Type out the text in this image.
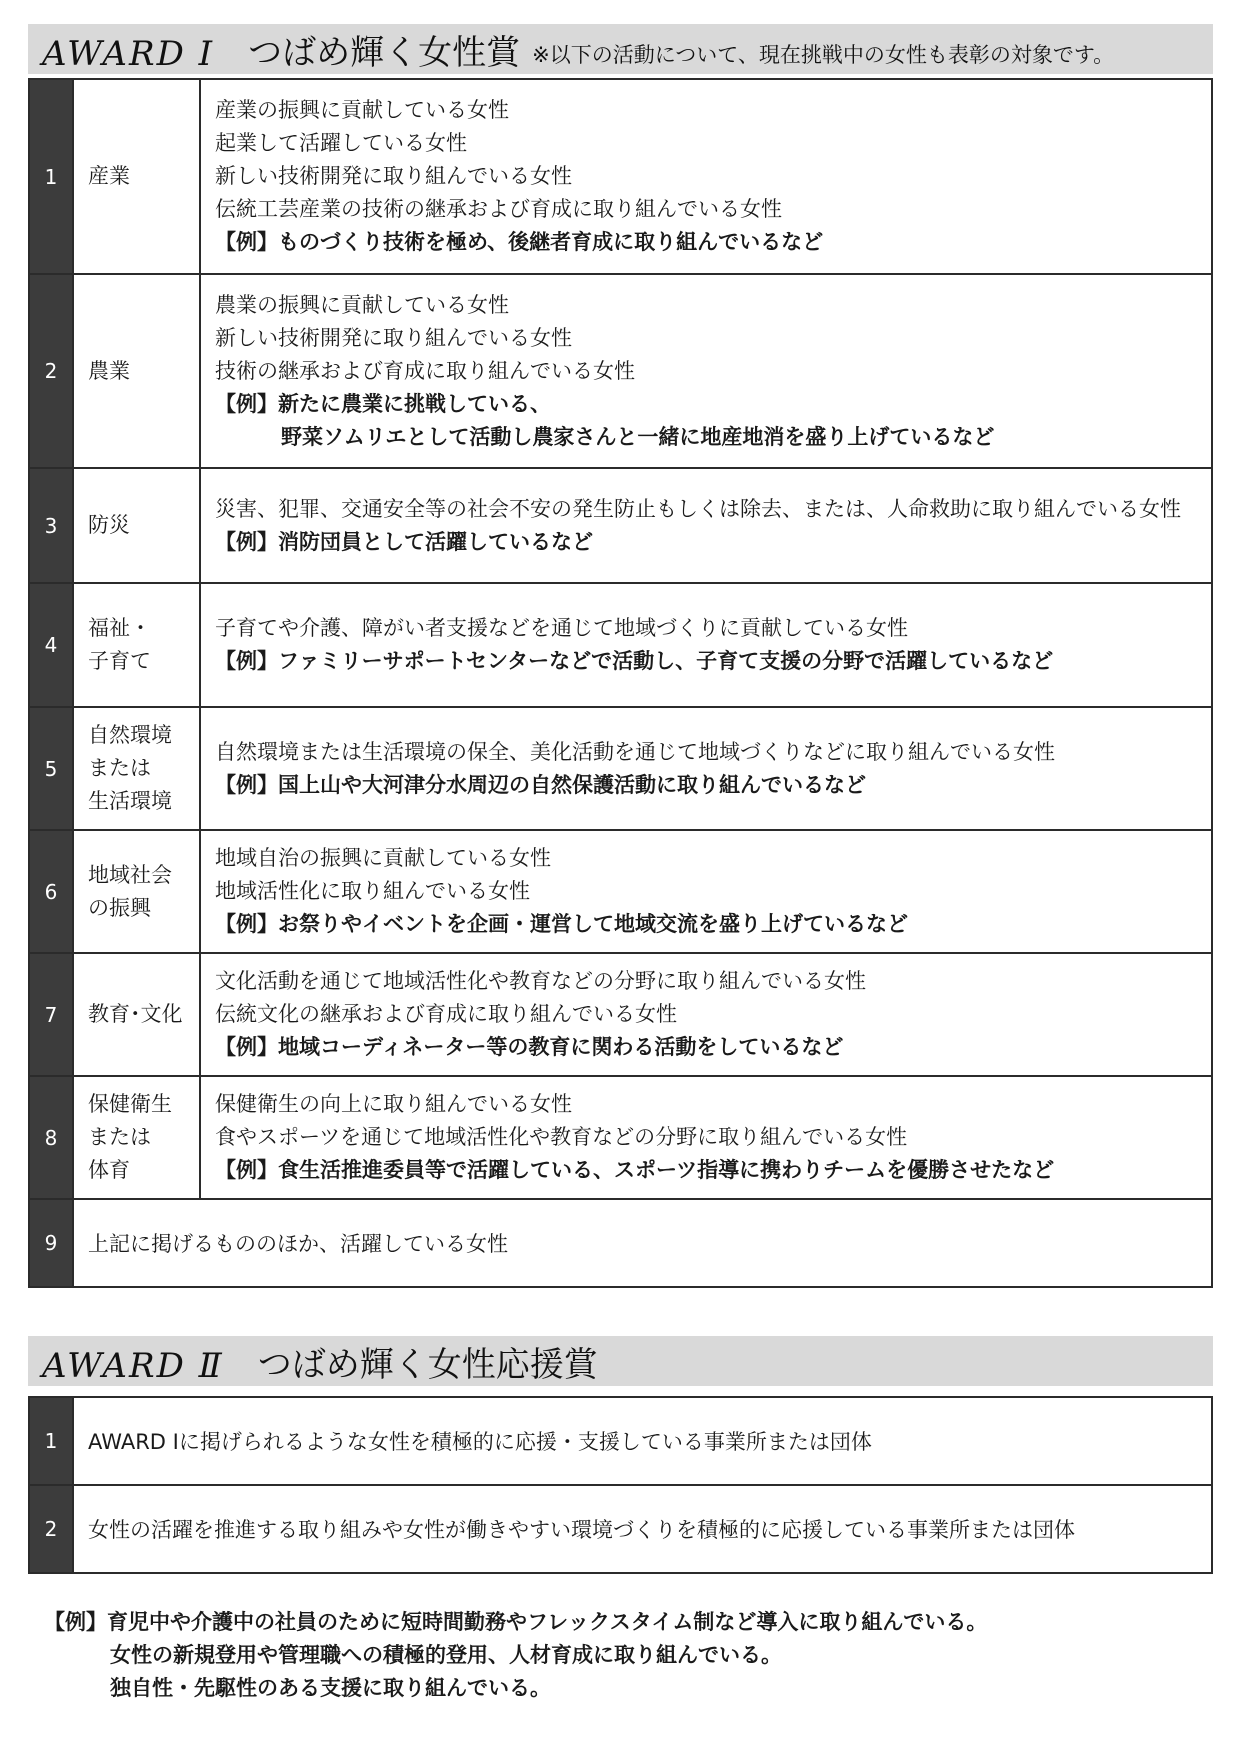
AWARD Ⅰ つばめ輝く女性賞 ※以下の活動について、現在挑戦中の女性も表彰の対象です。
1	産業	産業の振興に貢献している女性
起業して活躍している女性
新しい技術開発に取り組んでいる女性
伝統工芸産業の技術の継承および育成に取り組んでいる女性
【例】ものづくり技術を極め、後継者育成に取り組んでいるなど

2	農業	農業の振興に貢献している女性
新しい技術開発に取り組んでいる女性
技術の継承および育成に取り組んでいる女性
【例】新たに農業に挑戦している、
野菜ソムリエとして活動し農家さんと一緒に地産地消を盛り上げているなど

3	防災	災害、犯罪、交通安全等の社会不安の発生防止もしくは除去、または、人命救助に取り組んでいる女性
【例】消防団員として活躍しているなど

4	福祉・
子育て	子育てや介護、障がい者支援などを通じて地域づくりに貢献している女性
【例】ファミリーサポートセンターなどで活動し、子育て支援の分野で活躍しているなど

5	自然環境
または
生活環境	自然環境または生活環境の保全、美化活動を通じて地域づくりなどに取り組んでいる女性
【例】国上山や大河津分水周辺の自然保護活動に取り組んでいるなど

6	地域社会
の振興	地域自治の振興に貢献している女性
地域活性化に取り組んでいる女性
【例】お祭りやイベントを企画・運営して地域交流を盛り上げているなど

7	教育･文化	文化活動を通じて地域活性化や教育などの分野に取り組んでいる女性
伝統文化の継承および育成に取り組んでいる女性
【例】地域コーディネーター等の教育に関わる活動をしているなど

8	保健衛生
または
体育	保健衛生の向上に取り組んでいる女性
食やスポーツを通じて地域活性化や教育などの分野に取り組んでいる女性
【例】食生活推進委員等で活躍している、スポーツ指導に携わりチームを優勝させたなど

9	上記に掲げるもののほか、活躍している女性	
AWARD Ⅱ つばめ輝く女性応援賞
1	AWARD Ⅰに掲げられるような女性を積極的に応援・支援している事業所または団体
2	女性の活躍を推進する取り組みや女性が働きやすい環境づくりを積極的に応援している事業所または団体
【例】育児中や介護中の社員のために短時間勤務やフレックスタイム制など導入に取り組んでいる。
女性の新規登用や管理職への積極的登用、人材育成に取り組んでいる。
独自性・先駆性のある支援に取り組んでいる。
